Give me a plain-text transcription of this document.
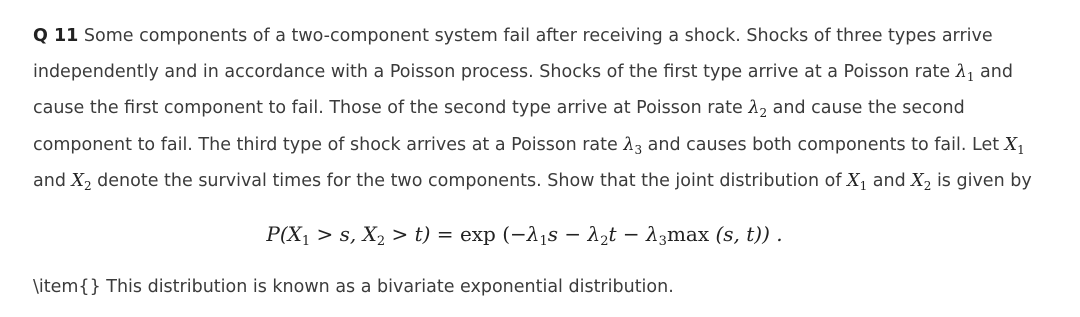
Q 11 Some components of a two-component system fail after receiving a shock. Shocks of three types arrive independently and in accordance with a Poisson process. Shocks of the first type arrive at a Poisson rate $\lambda_1$ and cause the first component to fail. Those of the second type arrive at Poisson rate $\lambda_2$ and cause the second component to fail. The third type of shock arrives at a Poisson rate $\lambda_3$ and causes both components to fail. Let $X_1$
and $X_2$ denote the survival times for the two components. Show that the joint distribution of $X_1$ and $X_2$ is given by

$P(X_1 > s$, $X_2 > t) = \exp (-\lambda_1s - \lambda_2t - \lambda_3\max$ (s, t)) .
\item{} This distribution is known as a bivariate exponential distribution.
